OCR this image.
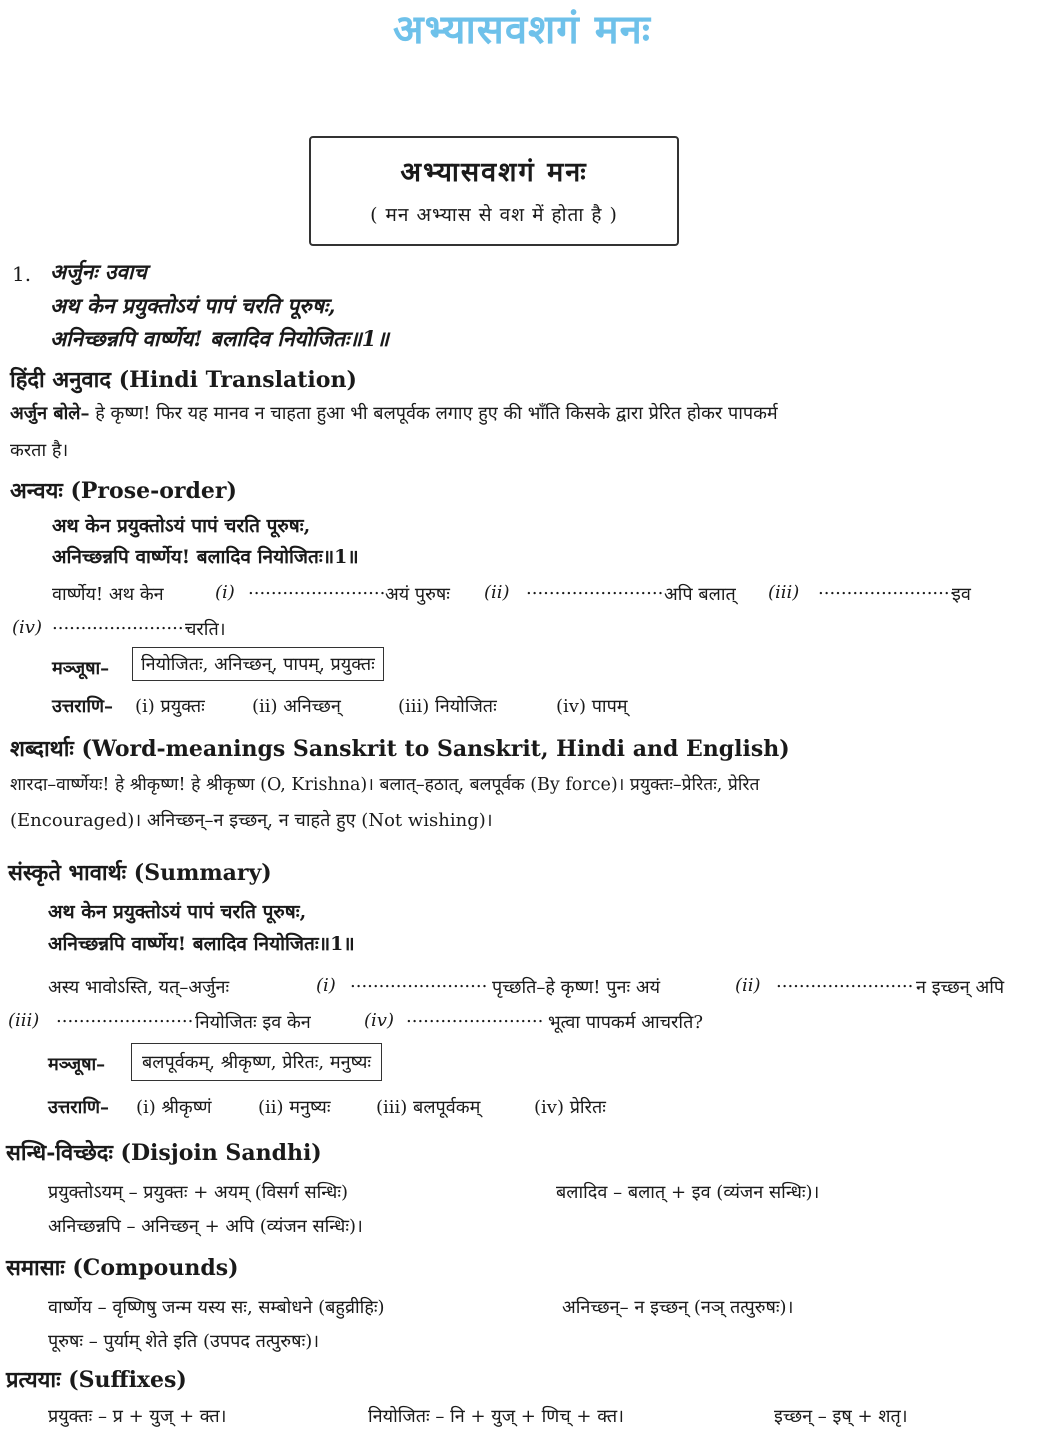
अभ्यासवशगं मनः
अभ्यासवशगं मनः
( मन अभ्यास से वश में होता है )
1. अर्जुनः उवाच
अथ केन प्रयुक्तोऽयं पापं चरति पूरुषः,
अनिच्छन्नपि वार्ष्णेय! बलादिव नियोजितः॥1॥
हिंदी अनुवाद (Hindi Translation)
अर्जुन बोले– हे कृष्ण! फिर यह मानव न चाहता हुआ भी बलपूर्वक लगाए हुए की भाँति किसके द्वारा प्रेरित होकर पापकर्म
करता है।
अन्वयः (Prose-order)
अथ केन प्रयुक्तोऽयं पापं चरति पूरुषः,
अनिच्छन्नपि वार्ष्णेय! बलादिव नियोजितः॥1॥
वार्ष्णेय! अथ केन	(i) ........................ अयं पुरुषः (ii) ........................ अपि बलात् (iii) ........................
इव
(iv) ........................
चरति।
मञ्जूषा–	नियोजितः, अनिच्छन्, पापम्, प्रयुक्तः
उत्तराणि– (i) प्रयुक्तः	(ii) अनिच्छन्	(iii) नियोजितः	(iv) पापम्
शब्दार्थाः (Word-meanings Sanskrit to Sanskrit, Hindi and English)
शारदा–वार्ष्णेयः! हे श्रीकृष्ण! हे श्रीकृष्ण (O, Krishna)। बलात्–हठात्, बलपूर्वक (By force)। प्रयुक्तः–प्रेरितः, प्रेरित
(Encouraged)। अनिच्छन्–न इच्छन्, न चाहते हुए (Not wishing)।
संस्कृते भावार्थः (Summary)
अथ केन प्रयुक्तोऽयं पापं चरति पूरुषः,
अनिच्छन्नपि वार्ष्णेय! बलादिव नियोजितः॥1॥
अस्य भावोऽस्ति, यत्–अर्जुनः	(i) ........................ पृच्छति–हे कृष्ण! पुनः अयं	(ii) ........................ न इच्छन् अपि
(iii) ........................ नियोजितः इव केन	(iv) ........................ भूत्वा पापकर्म आचरति?
मञ्जूषा–	बलपूर्वकम्, श्रीकृष्ण, प्रेरितः, मनुष्यः
उत्तराणि– (i) श्रीकृष्णं	(ii) मनुष्यः	(iii) बलपूर्वकम्	(iv) प्रेरितः
सन्धि-विच्छेदः (Disjoin Sandhi)
प्रयुक्तोऽयम् – प्रयुक्तः + अयम् (विसर्ग सन्धिः)	बलादिव – बलात् + इव (व्यंजन सन्धिः)।
अनिच्छन्नपि – अनिच्छन् + अपि (व्यंजन सन्धिः)।
समासाः (Compounds)
वार्ष्णेय – वृष्णिषु जन्म यस्य सः, सम्बोधने (बहुव्रीहिः)	अनिच्छन्– न इच्छन् (नञ् तत्पुरुषः)।
पूरुषः – पुर्याम् शेते इति (उपपद तत्पुरुषः)।
प्रत्ययाः (Suffixes)
प्रयुक्तः – प्र + युज् + क्त।	नियोजितः – नि + युज् + णिच् + क्त।	इच्छन् – इष् + शतृ।
